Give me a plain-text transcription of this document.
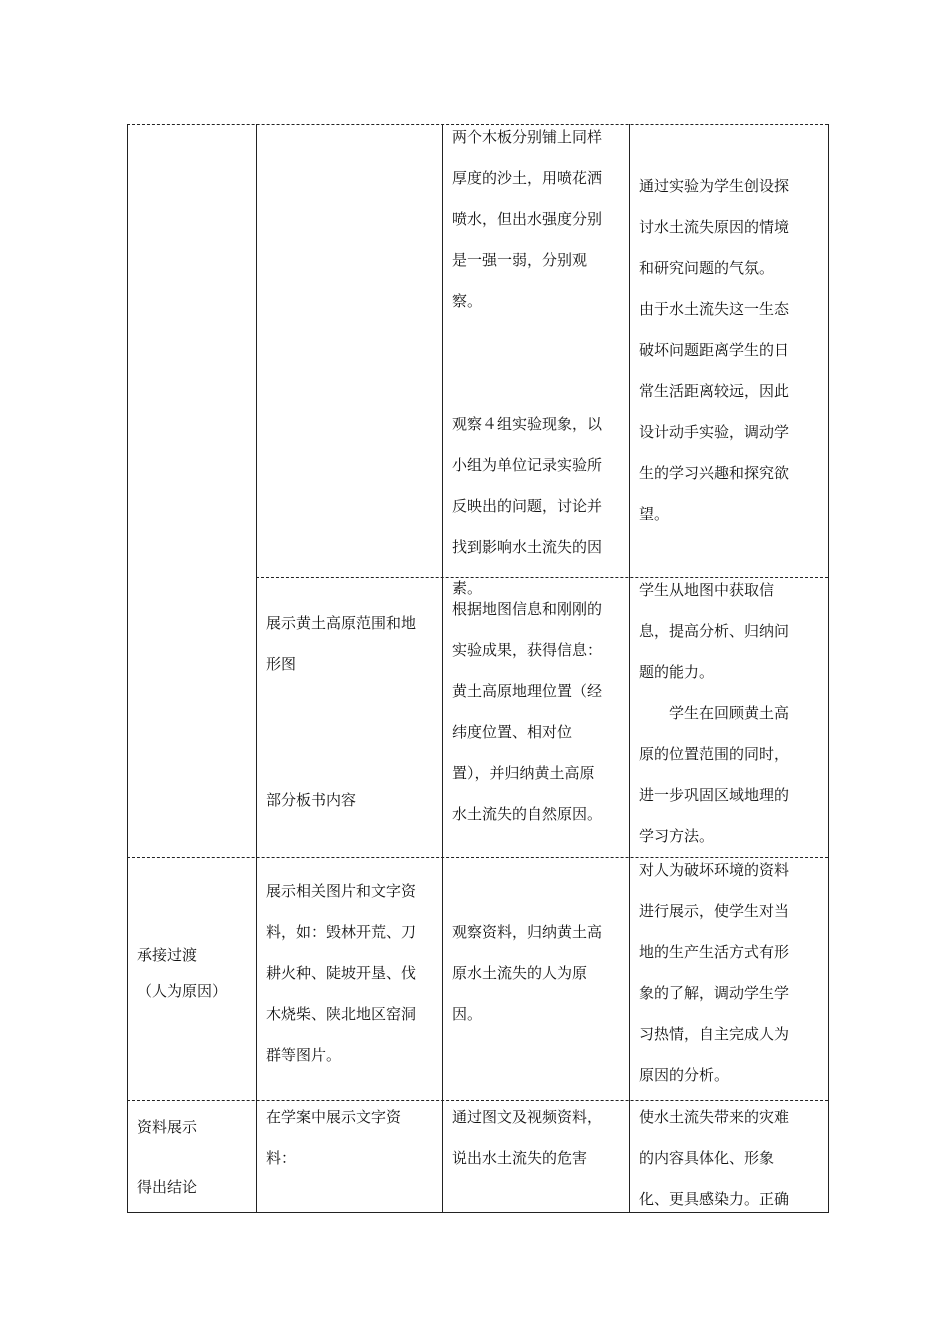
两个木板分别铺上同样
厚度的沙土，用喷花洒
喷水，但出水强度分别
是一强一弱，分别观
察。

观察４组实验现象，以
小组为单位记录实验所
反映出的问题，讨论并
找到影响水土流失的因
素。
通过实验为学生创设探
讨水土流失原因的情境
和研究问题的气氛。
由于水土流失这一生态
破坏问题距离学生的日
常生活距离较远，因此
设计动手实验，调动学
生的学习兴趣和探究欲
望。
展示黄土高原范围和地
形图
部分板书内容
根据地图信息和刚刚的
实验成果，获得信息：
黄土高原地理位置（经
纬度位置、相对位
置），并归纳黄土高原
水土流失的自然原因。
学生从地图中获取信
息，提高分析、归纳问
题的能力。
学生在回顾黄土高
原的位置范围的同时，
进一步巩固区域地理的
学习方法。
承接过渡
（人为原因）
展示相关图片和文字资
料，如：毁林开荒、刀
耕火种、陡坡开垦、伐
木烧柴、陕北地区窑洞
群等图片。
观察资料，归纳黄土高
原水土流失的人为原
因。
对人为破坏环境的资料
进行展示，使学生对当
地的生产生活方式有形
象的了解，调动学生学
习热情，自主完成人为
原因的分析。
资料展示
得出结论
在学案中展示文字资
料：
通过图文及视频资料，
说出水土流失的危害
使水土流失带来的灾难
的内容具体化、形象
化、更具感染力。正确
